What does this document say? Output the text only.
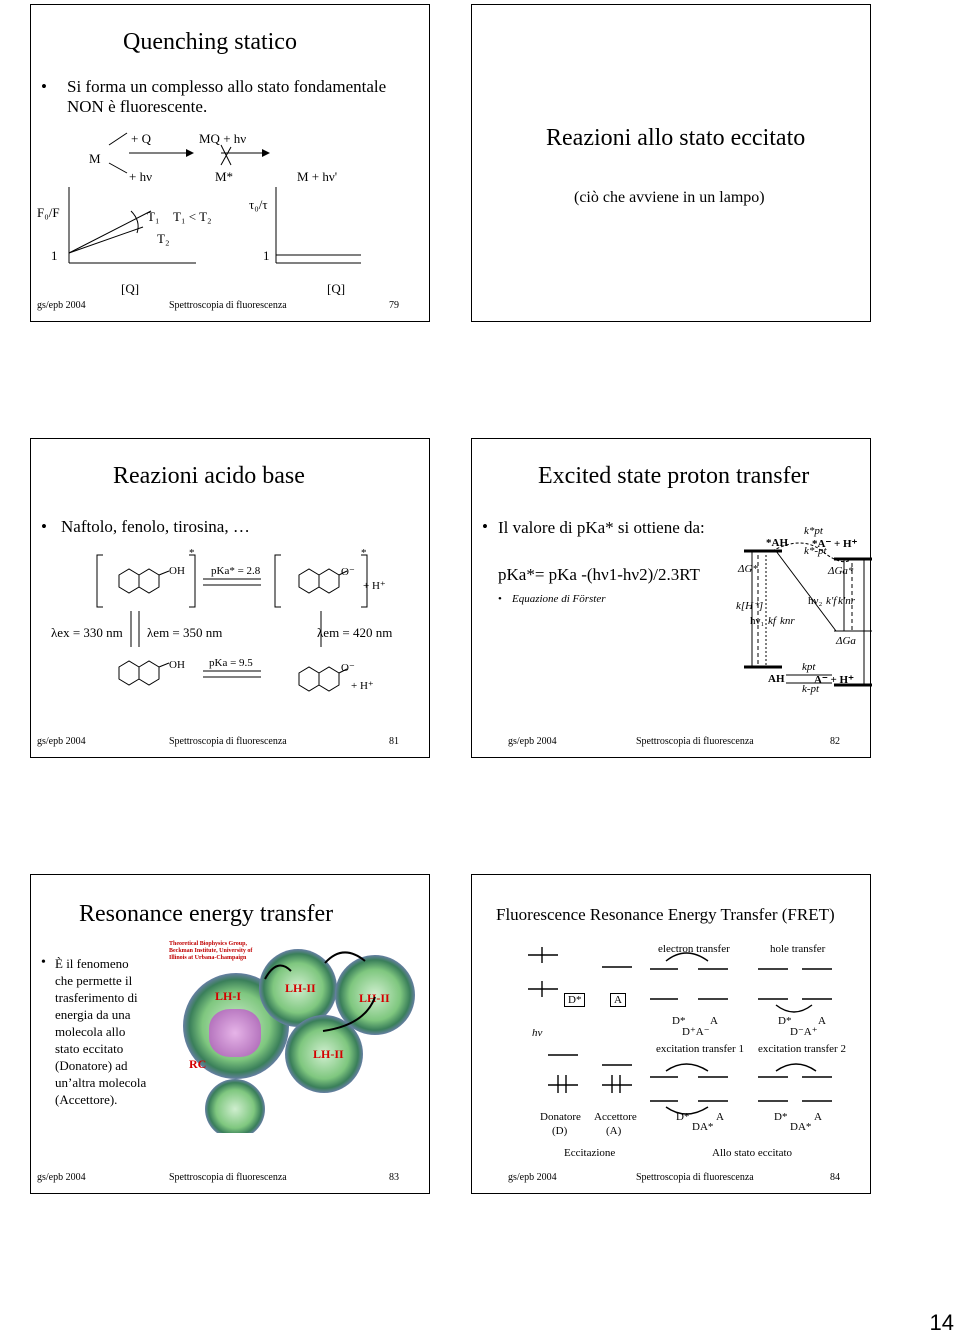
Quenching statico
• Si forma un complesso allo stato fondamentale NON è fluorescente.
M
+ Q
+ hν
MQ + hν
M*	M + hν'
F₀/F	T₁ T₁ < T₂
T₂
1
τ₀/τ
1
[Q]	[Q]
gs/epb 2004	Spettroscopia di fluorescenza	79
Reazioni allo stato eccitato
(ciò che avviene in un lampo)
Reazioni acido base
• Naftolo, fenolo, tirosina, …
OH
*
pKa* = 2.8	O⁻
*
+ H⁺
λex = 330 nm λem = 350 nm	λem = 420 nm
OH pKa = 9.5	O⁻
+ H⁺
gs/epb 2004	Spettroscopia di fluorescenza	81
Excited state proton transfer
• Il valore di pKa* si ottiene da:
pKa*= pKa -(hν1-hν2)/2.3RT
• Equazione di Förster
*AH *A⁻ + H⁺
k*pt
k*-pt
ΔG*	ΔGa*
hν₁ kf knr
k[H⁺]	hν₂ k'f k'nr
AH	A⁻ + H⁺
kpt
k-pt
ΔGa
gs/epb 2004	Spettroscopia di fluorescenza	82
Resonance energy transfer
• È il fenomeno
che permette il
trasferimento di
energia da una
molecola allo
stato eccitato
(Donatore) ad
un’altra molecola
(Accettore).
Theoretical Biophysics Group, Beckman Institute, University of Illinois at Urbana-Champaign
LH-I
LH-II
LH-II
LH-II
RC
gs/epb 2004	Spettroscopia di fluorescenza	83
Fluorescence Resonance Energy Transfer (FRET)
electron transfer	hole transfer
D*	A
hν
D*
D⁺A⁻
A	D*
D⁻A⁺
A
excitation transfer 1 excitation transfer 2
Donatore
(D)
Accettore
(A)
D* A
DA*
D* A
DA*
Eccitazione	Allo stato eccitato
gs/epb 2004	Spettroscopia di fluorescenza	84
14
